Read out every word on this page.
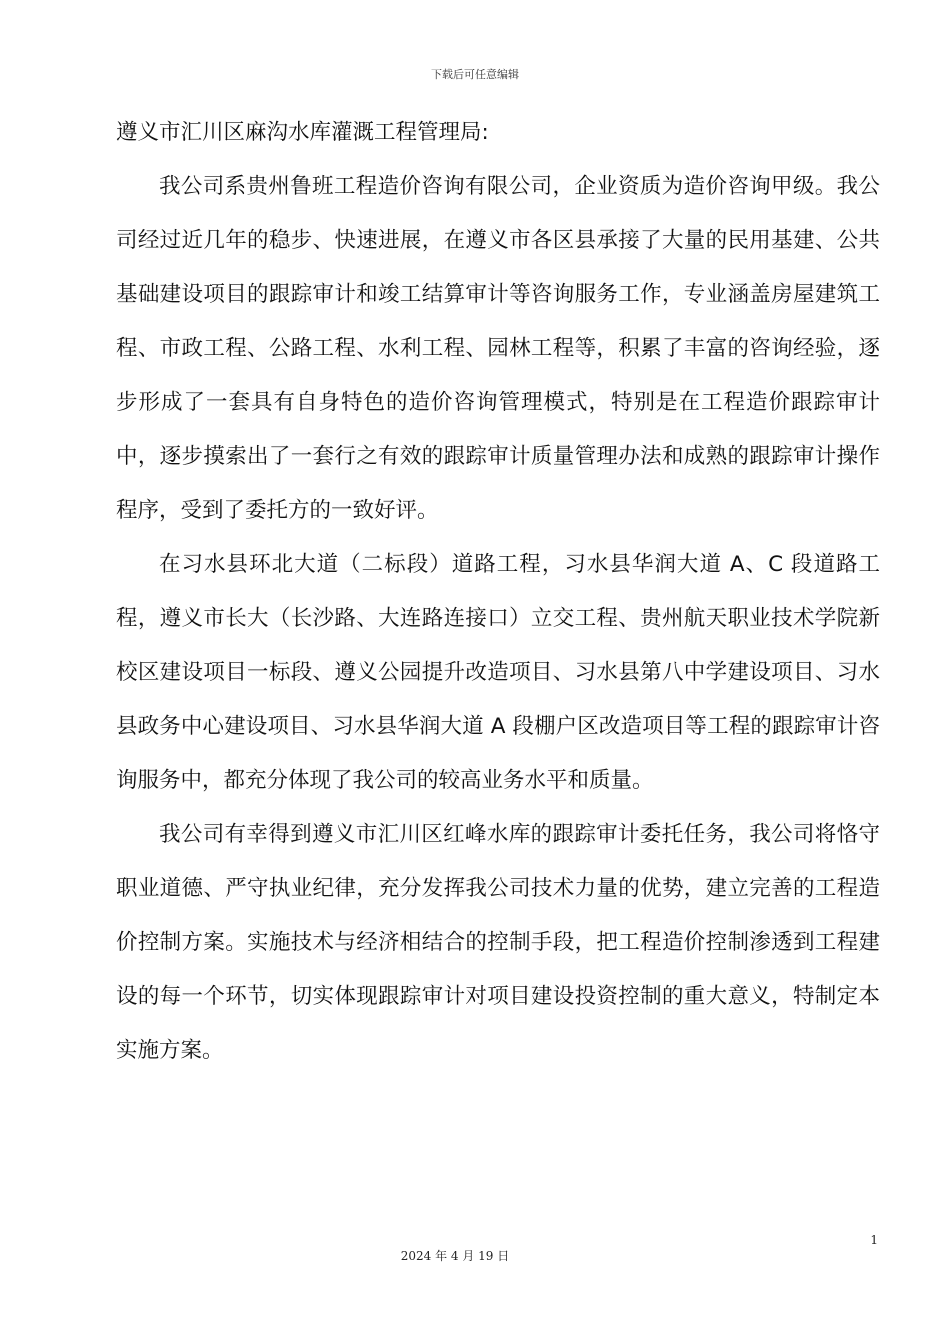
下载后可任意编辑

遵义市汇川区麻沟水库灌溉工程管理局:

我公司系贵州鲁班工程造价咨询有限公司，企业资质为造价咨询甲级。我公司经过近几年的稳步、快速进展，在遵义市各区县承接了大量的民用基建、公共基础建设项目的跟踪审计和竣工结算审计等咨询服务工作，专业涵盖房屋建筑工程、市政工程、公路工程、水利工程、园林工程等，积累了丰富的咨询经验，逐步形成了一套具有自身特色的造价咨询管理模式，特别是在工程造价跟踪审计中，逐步摸索出了一套行之有效的跟踪审计质量管理办法和成熟的跟踪审计操作程序，受到了委托方的一致好评。

在习水县环北大道（二标段）道路工程，习水县华润大道 A、C 段道路工程，遵义市长大（长沙路、大连路连接口）立交工程、贵州航天职业技术学院新校区建设项目一标段、遵义公园提升改造项目、习水县第八中学建设项目、习水县政务中心建设项目、习水县华润大道 A 段棚户区改造项目等工程的跟踪审计咨询服务中，都充分体现了我公司的较高业务水平和质量。

我公司有幸得到遵义市汇川区红峰水库的跟踪审计委托任务，我公司将恪守职业道德、严守执业纪律，充分发挥我公司技术力量的优势，建立完善的工程造价控制方案。实施技术与经济相结合的控制手段，把工程造价控制渗透到工程建设的每一个环节，切实体现跟踪审计对项目建设投资控制的重大意义，特制定本实施方案。

1
2024 年 4 月 19 日
